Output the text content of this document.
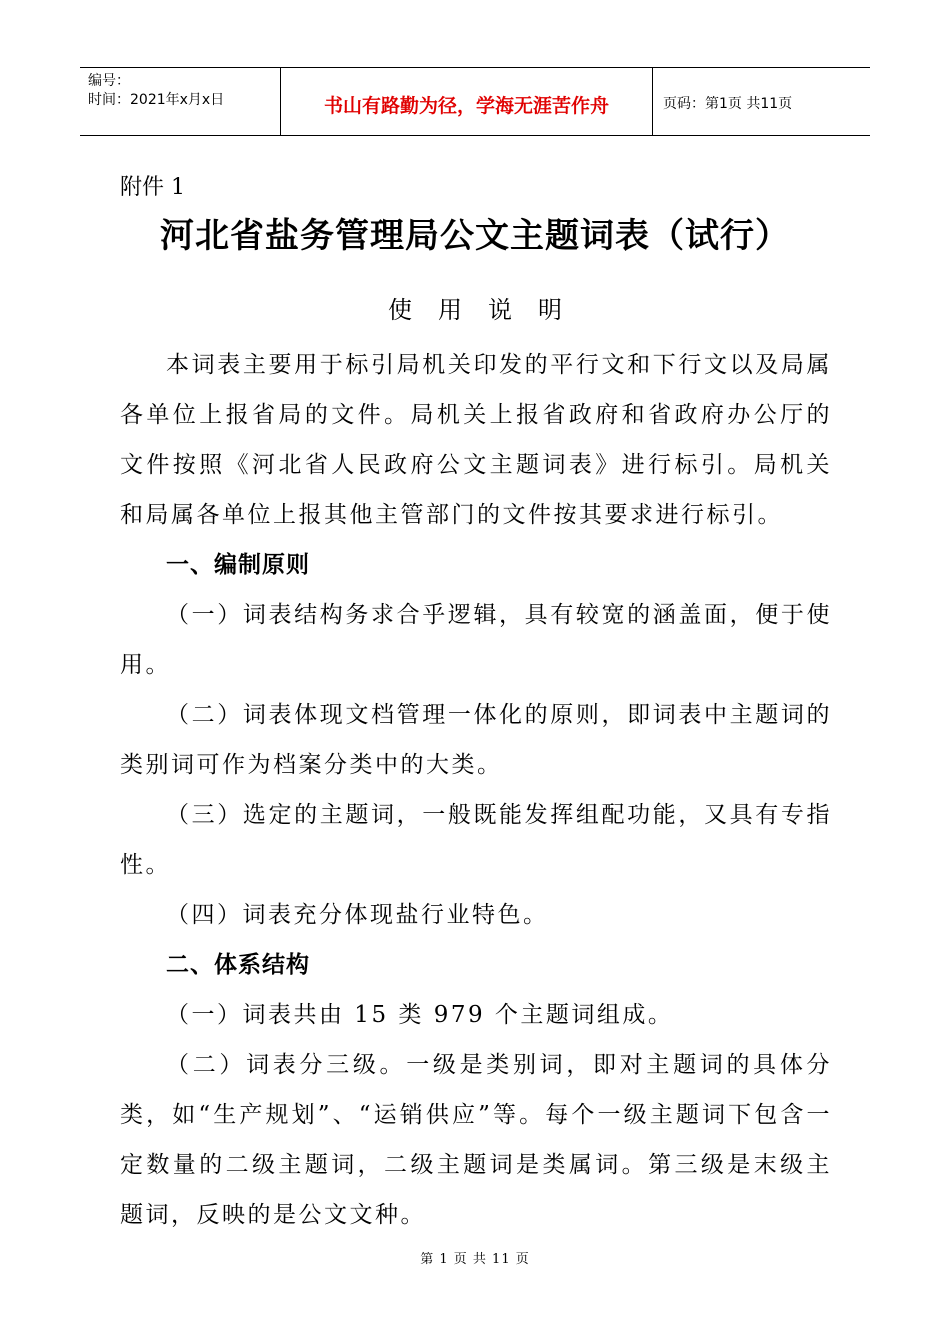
编号：
时间：2021年x月x日	书山有路勤为径，学海无涯苦作舟	页码：第1页 共11页
附件 1
河北省盐务管理局公文主题词表（试行）
使用说明

本词表主要用于标引局机关印发的平行文和下行文以及局属各单位上报省局的文件。局机关上报省政府和省政府办公厅的文件按照《河北省人民政府公文主题词表》进行标引。局机关和局属各单位上报其他主管部门的文件按其要求进行标引。

一、编制原则

（一）词表结构务求合乎逻辑，具有较宽的涵盖面，便于使用。

（二）词表体现文档管理一体化的原则，即词表中主题词的类别词可作为档案分类中的大类。

（三）选定的主题词，一般既能发挥组配功能，又具有专指性。

（四）词表充分体现盐行业特色。

二、体系结构

（一）词表共由 15 类 979 个主题词组成。

（二）词表分三级。一级是类别词，即对主题词的具体分类，如“生产规划”、“运销供应”等。每个一级主题词下包含一定数量的二级主题词，二级主题词是类属词。第三级是末级主题词，反映的是公文文种。

第 1 页 共 11 页
